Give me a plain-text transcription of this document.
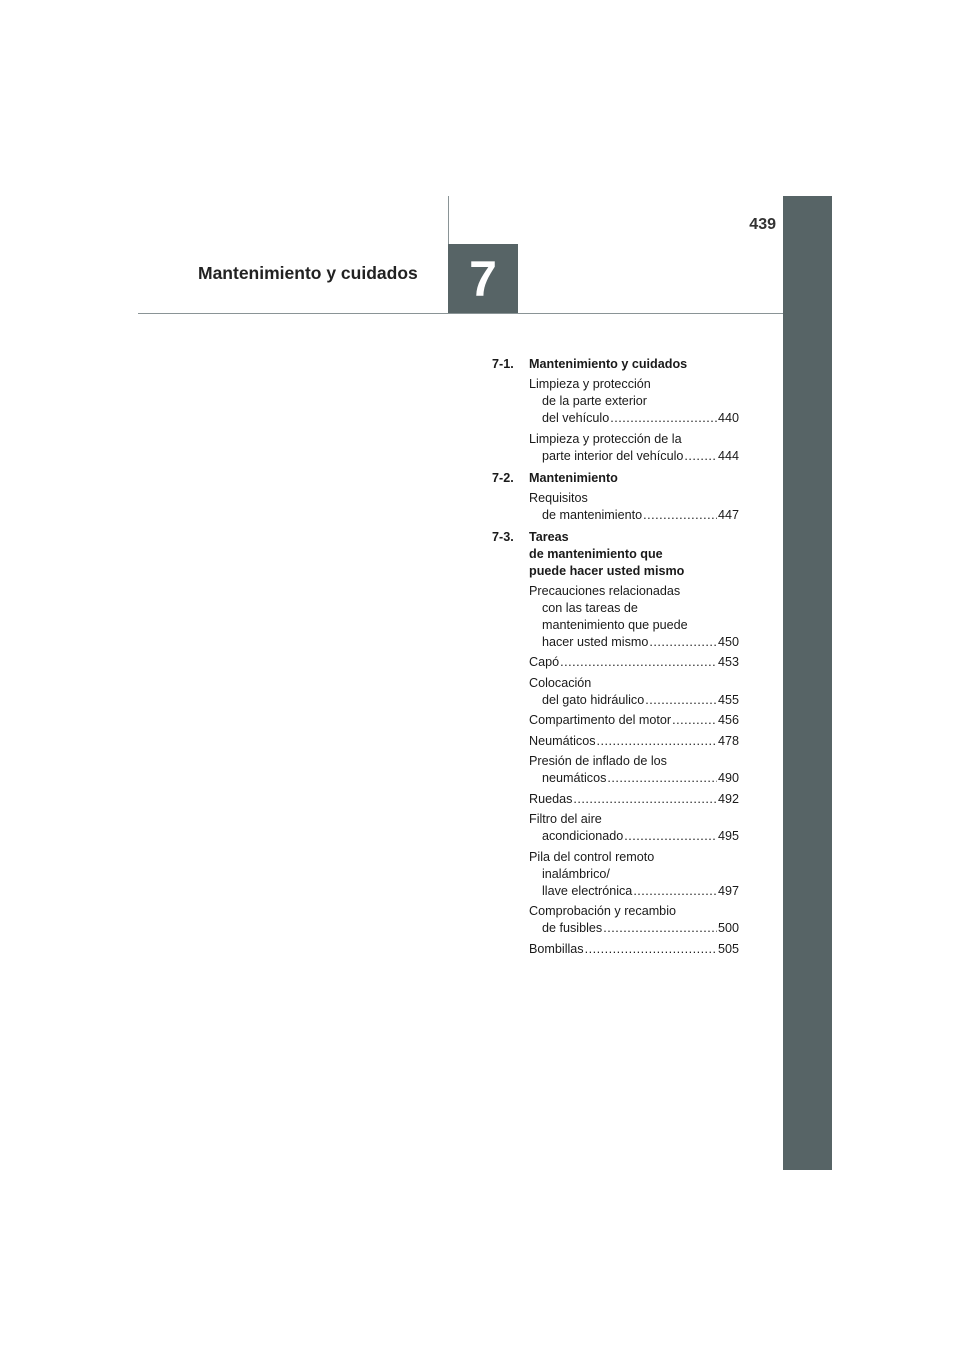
7
439
Mantenimiento y cuidados
7-1.	Mantenimiento y cuidados
Limpieza y protección
de la parte exterior
del vehículo .....	440
Limpieza y protección de la
parte interior del vehículo .....	444
7-2.	Mantenimiento
Requisitos
de mantenimiento .....	447
7-3.	Tareas
de mantenimiento que
puede hacer usted mismo
Precauciones relacionadas
con las tareas de
mantenimiento que puede
hacer usted mismo .....	450
Capó .....	453
Colocación
del gato hidráulico .....	455
Compartimento del motor .....	456
Neumáticos .....	478
Presión de inflado de los
neumáticos .....	490
Ruedas .....	492
Filtro del aire
acondicionado .....	495
Pila del control remoto
inalámbrico/
llave electrónica .....	497
Comprobación y recambio
de fusibles .....	500
Bombillas .....	505
